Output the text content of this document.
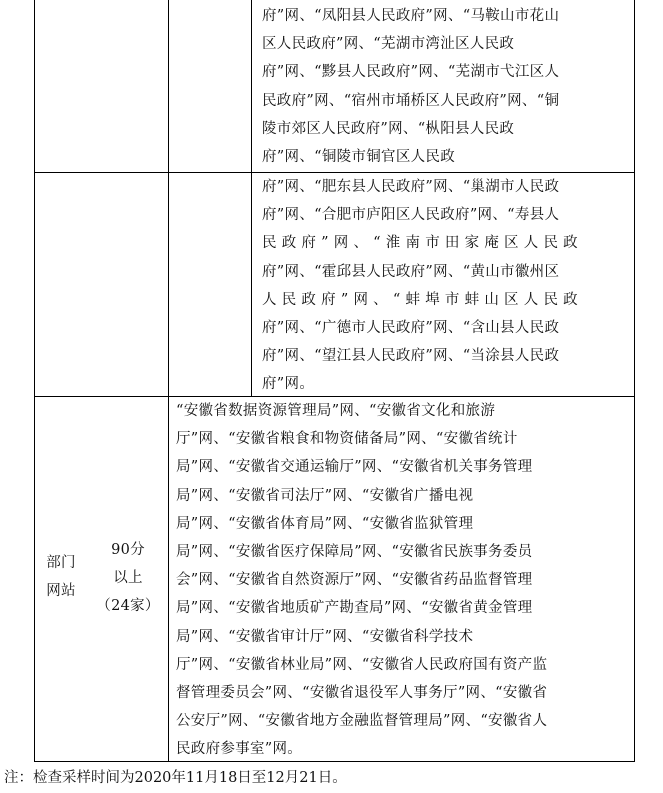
府”网、“凤阳县人民政府”网、“马鞍山市花山

区人民政府”网、“芜湖市湾沚区人民政

府”网、“黟县人民政府”网、“芜湖市弋江区人

民政府”网、“宿州市埇桥区人民政府”网、“铜

陵市郊区人民政府”网、“枞阳县人民政

府”网、“铜陵市铜官区人民政

府”网、“肥东县人民政府”网、“巢湖市人民政

府”网、“合肥市庐阳区人民政府”网、“寿县人

民 政 府 ” 网 、 “ 淮 南 市 田 家 庵 区 人 民 政

府”网、“霍邱县人民政府”网、“黄山市徽州区

人 民 政 府 ” 网 、 “ 蚌 埠 市 蚌 山 区 人 民 政

府”网、“广德市人民政府”网、“含山县人民政

府”网、“望江县人民政府”网、“当涂县人民政

府”网。

部门

网站

90分

以上

（24家）

“安徽省数据资源管理局”网、“安徽省文化和旅游

厅”网、“安徽省粮食和物资储备局”网、“安徽省统计

局”网、“安徽省交通运输厅”网、“安徽省机关事务管理

局”网、“安徽省司法厅”网、“安徽省广播电视

局”网、“安徽省体育局”网、“安徽省监狱管理

局”网、“安徽省医疗保障局”网、“安徽省民族事务委员

会”网、“安徽省自然资源厅”网、“安徽省药品监督管理

局”网、“安徽省地质矿产勘查局”网、“安徽省黄金管理

局”网、“安徽省审计厅”网、“安徽省科学技术

厅”网、“安徽省林业局”网、“安徽省人民政府国有资产监

督管理委员会”网、“安徽省退役军人事务厅”网、“安徽省

公安厅”网、“安徽省地方金融监督管理局”网、“安徽省人

民政府参事室”网。

注：检查采样时间为2020年11月18日至12月21日。
